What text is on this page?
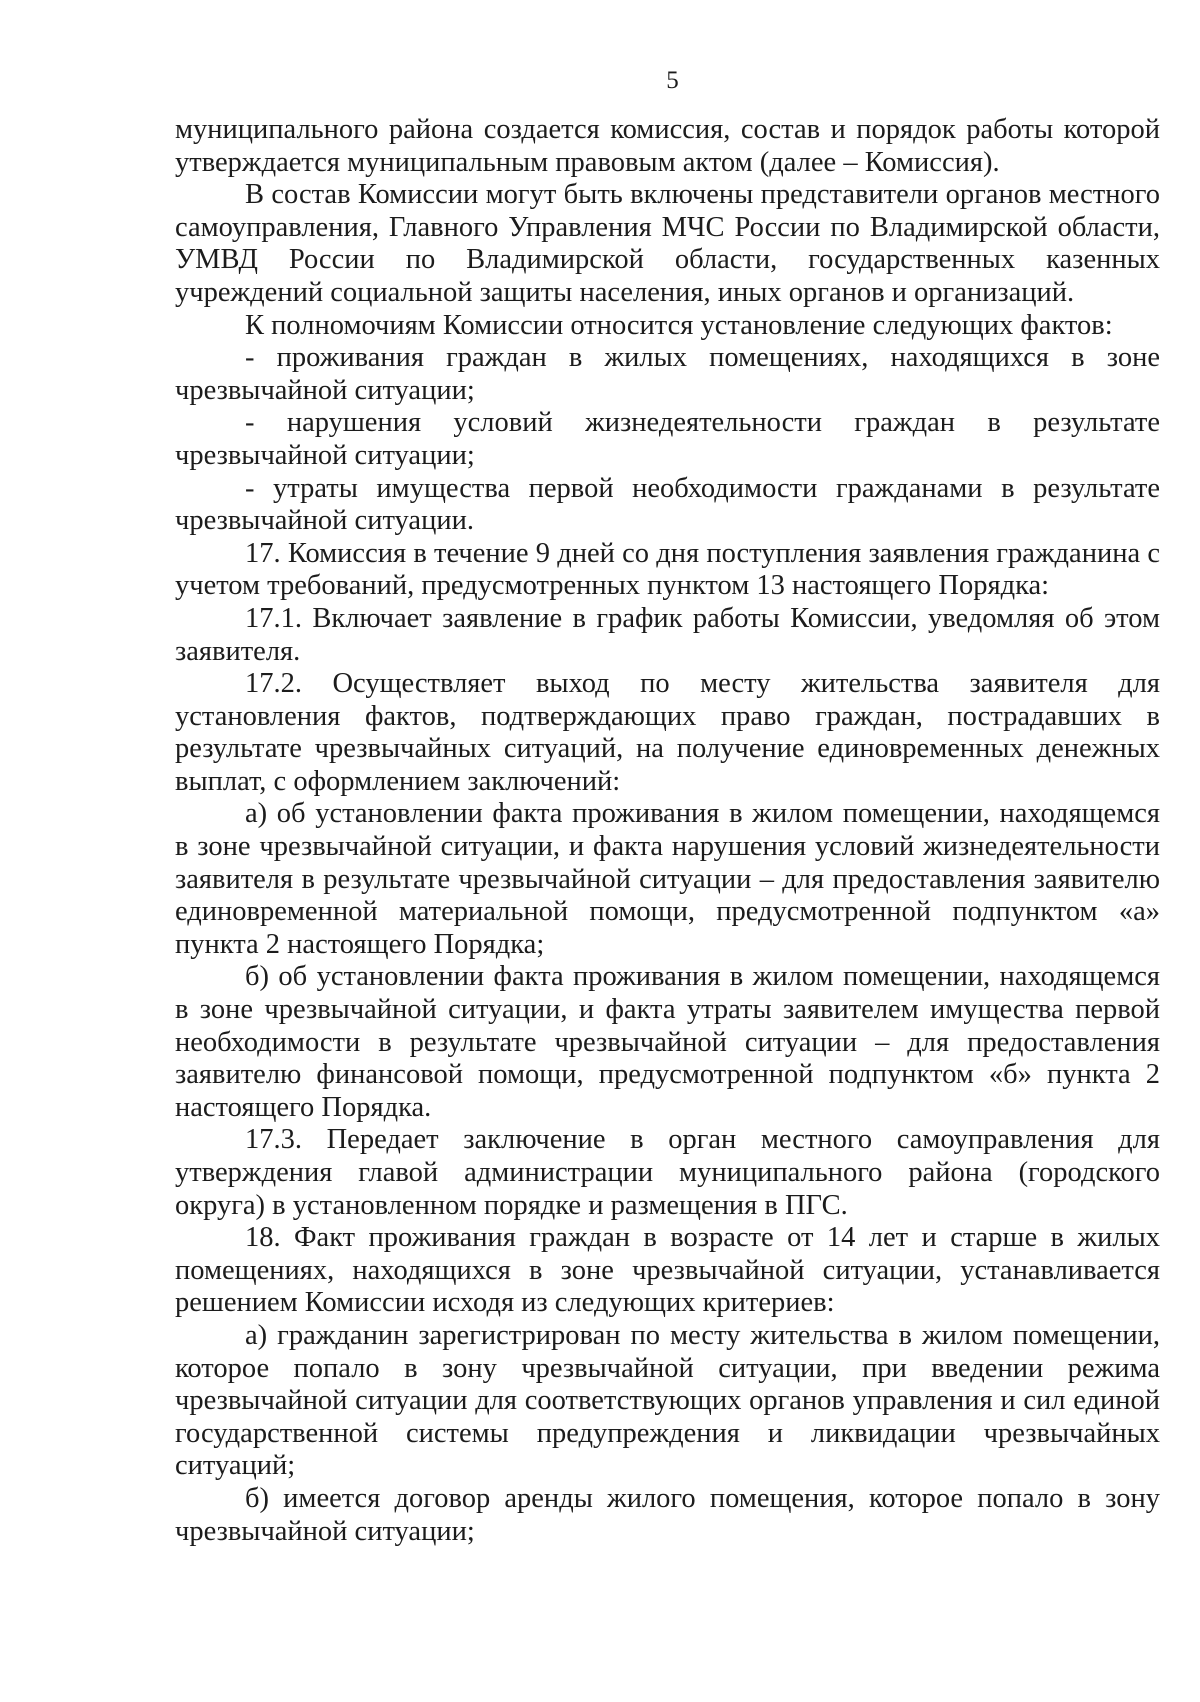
5

муниципального района создается комиссия, состав и порядок работы которой утверждается муниципальным правовым актом (далее – Комиссия).

В состав Комиссии могут быть включены представители органов местного самоуправления, Главного Управления МЧС России по Владимирской области, УМВД России по Владимирской области, государственных казенных учреждений социальной защиты населения, иных органов и организаций.

К полномочиям Комиссии относится установление следующих фактов:

- проживания граждан в жилых помещениях, находящихся в зоне чрезвычайной ситуации;

- нарушения условий жизнедеятельности граждан в результате чрезвычайной ситуации;

- утраты имущества первой необходимости гражданами в результате чрезвычайной ситуации.

17. Комиссия в течение 9 дней со дня поступления заявления гражданина с учетом требований, предусмотренных пунктом 13 настоящего Порядка:

17.1. Включает заявление в график работы Комиссии, уведомляя об этом заявителя.

17.2. Осуществляет выход по месту жительства заявителя для установления фактов, подтверждающих право граждан, пострадавших в результате чрезвычайных ситуаций, на получение единовременных денежных выплат, с оформлением заключений:

а) об установлении факта проживания в жилом помещении, находящемся в зоне чрезвычайной ситуации, и факта нарушения условий жизнедеятельности заявителя в результате чрезвычайной ситуации – для предоставления заявителю единовременной материальной помощи, предусмотренной подпунктом «а» пункта 2 настоящего Порядка;

б) об установлении факта проживания в жилом помещении, находящемся в зоне чрезвычайной ситуации, и факта утраты заявителем имущества первой необходимости в результате чрезвычайной ситуации – для предоставления заявителю финансовой помощи, предусмотренной подпунктом «б» пункта 2 настоящего Порядка.

17.3. Передает заключение в орган местного самоуправления для утверждения главой администрации муниципального района (городского округа) в установленном порядке и размещения в ПГС.

18. Факт проживания граждан в возрасте от 14 лет и старше в жилых помещениях, находящихся в зоне чрезвычайной ситуации, устанавливается решением Комиссии исходя из следующих критериев:

а) гражданин зарегистрирован по месту жительства в жилом помещении, которое попало в зону чрезвычайной ситуации, при введении режима чрезвычайной ситуации для соответствующих органов управления и сил единой государственной системы предупреждения и ликвидации чрезвычайных ситуаций;

б) имеется договор аренды жилого помещения, которое попало в зону чрезвычайной ситуации;
